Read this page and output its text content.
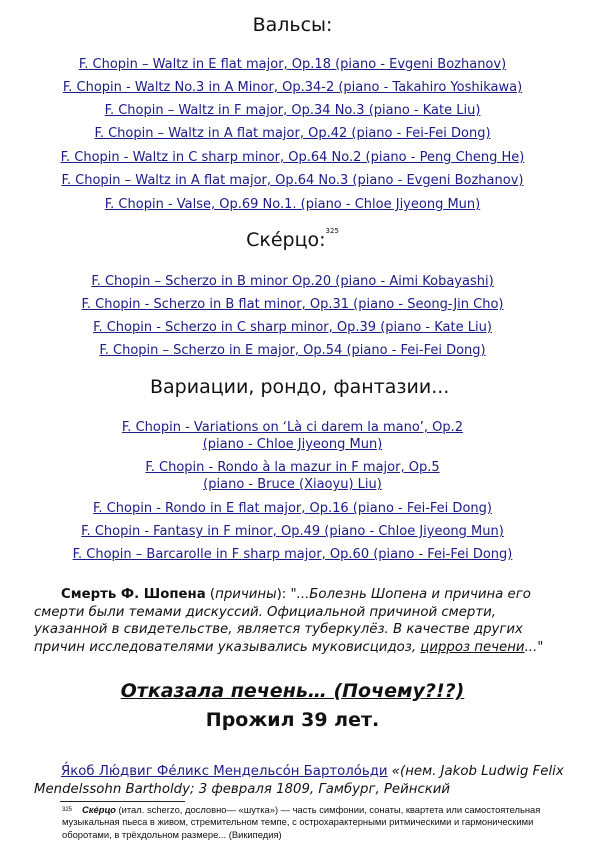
Вальсы:
F. Chopin – Waltz in E flat major, Op.18 (piano - Evgeni Bozhanov)
F. Chopin - Waltz No.3 in A Minor, Op.34-2 (piano - Takahiro Yoshikawa)
F. Chopin – Waltz in F major, Op.34 No.3 (piano - Kate Liu)
F. Chopin – Waltz in A flat major, Op.42 (piano - Fei-Fei Dong)
F. Chopin - Waltz in C sharp minor, Op.64 No.2 (piano - Peng Cheng He)
F. Chopin – Waltz in A flat major, Op.64 No.3 (piano - Evgeni Bozhanov)
F. Chopin - Valse, Op.69 No.1. (piano - Chloe Jiyeong Mun)
Скéрцо:$^{325}$
F. Chopin – Scherzo in B minor Op.20 (piano - Aimi Kobayashi)
F. Chopin - Scherzo in B flat minor, Op.31 (piano - Seong-Jin Cho)
F. Chopin - Scherzo in C sharp minor, Op.39 (piano - Kate Liu)
F. Chopin – Scherzo in E major, Op.54 (piano - Fei-Fei Dong)
Вариации, рондо, фантазии...
F. Chopin - Variations on ‘Là ci darem la mano’, Op.2
(piano - Chloe Jiyeong Mun)
F. Chopin - Rondo à la mazur in F major, Op.5
(piano - Bruce (Xiaoyu) Liu)
F. Chopin - Rondo in E flat major, Op.16 (piano - Fei-Fei Dong)
F. Chopin - Fantasy in F minor, Op.49 (piano - Chloe Jiyeong Mun)
F. Chopin – Barcarolle in F sharp major, Op.60 (piano - Fei-Fei Dong)
Смерть Ф. Шопена (причины): "...Болезнь Шопена и причина его смерти были темами дискуссий. Официальной причиной смерти, указанной в свидетельстве, является туберкулёз. В качестве других причин исследователями указывались муковисцидоз, цирроз печени..."
Отказала печень… (Почему?!?)
Прожил 39 лет.
Я́коб Лю́двиг Фе́ликс Мендельсо́н Бартоло́ьди «(нем. Jakob Ludwig Felix Mendelssohn Bartholdy; 3 февраля 1809, Гамбург, Рейнский
$^{325}$ Скéрцо (итал. scherzo, дословно— «шутка») — часть симфонии, сонаты, квартета или самостоятельная музыкальная пьеса в живом, стремительном темпе, с острохарактерными ритмическими и гармоническими оборотами, в трёхдольном размере... (Википедия)
